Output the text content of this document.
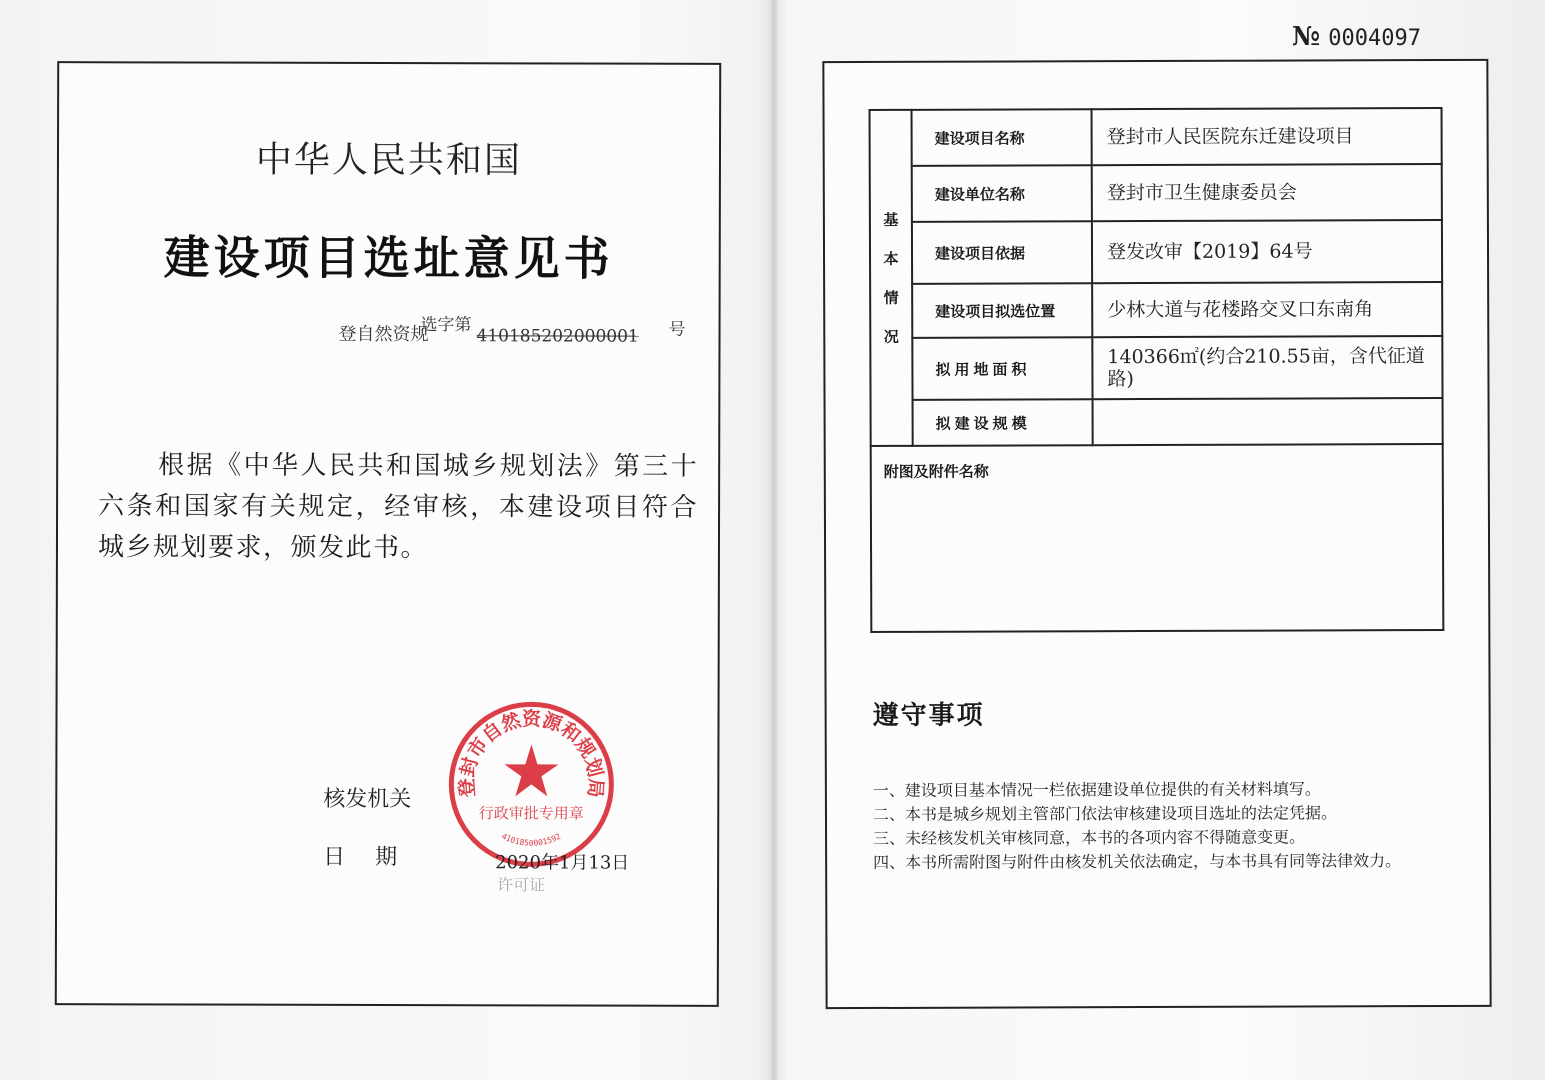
中华人民共和国
建设项目选址意见书
登自然资规
选字第
410185202000001	号

根据《中华人民共和国城乡规划法》第三十六条和国家有关规定，经审核，本建设项目符合城乡规划要求，颁发此书。

核发机关
日期
许可证
登封市自然资源和规划局
行政审批专用章
4101850001592
2020年1月13日
№ 0004097
基
本
情
况	建设项目名称	登封市人民医院东迁建设项目
	建设单位名称	登封市卫生健康委员会
	建设项目依据	登发改审【2019】64号
	建设项目拟选位置	少林大道与花楼路交叉口东南角
	拟用地面积	140366㎡(约合210.55亩，含代征道路)
	拟建设规模	
附图及附件名称		
遵守事项
一、建设项目基本情况一栏依据建设单位提供的有关材料填写。
二、本书是城乡规划主管部门依法审核建设项目选址的法定凭据。
三、未经核发机关审核同意，本书的各项内容不得随意变更。
四、本书所需附图与附件由核发机关依法确定，与本书具有同等法律效力。
